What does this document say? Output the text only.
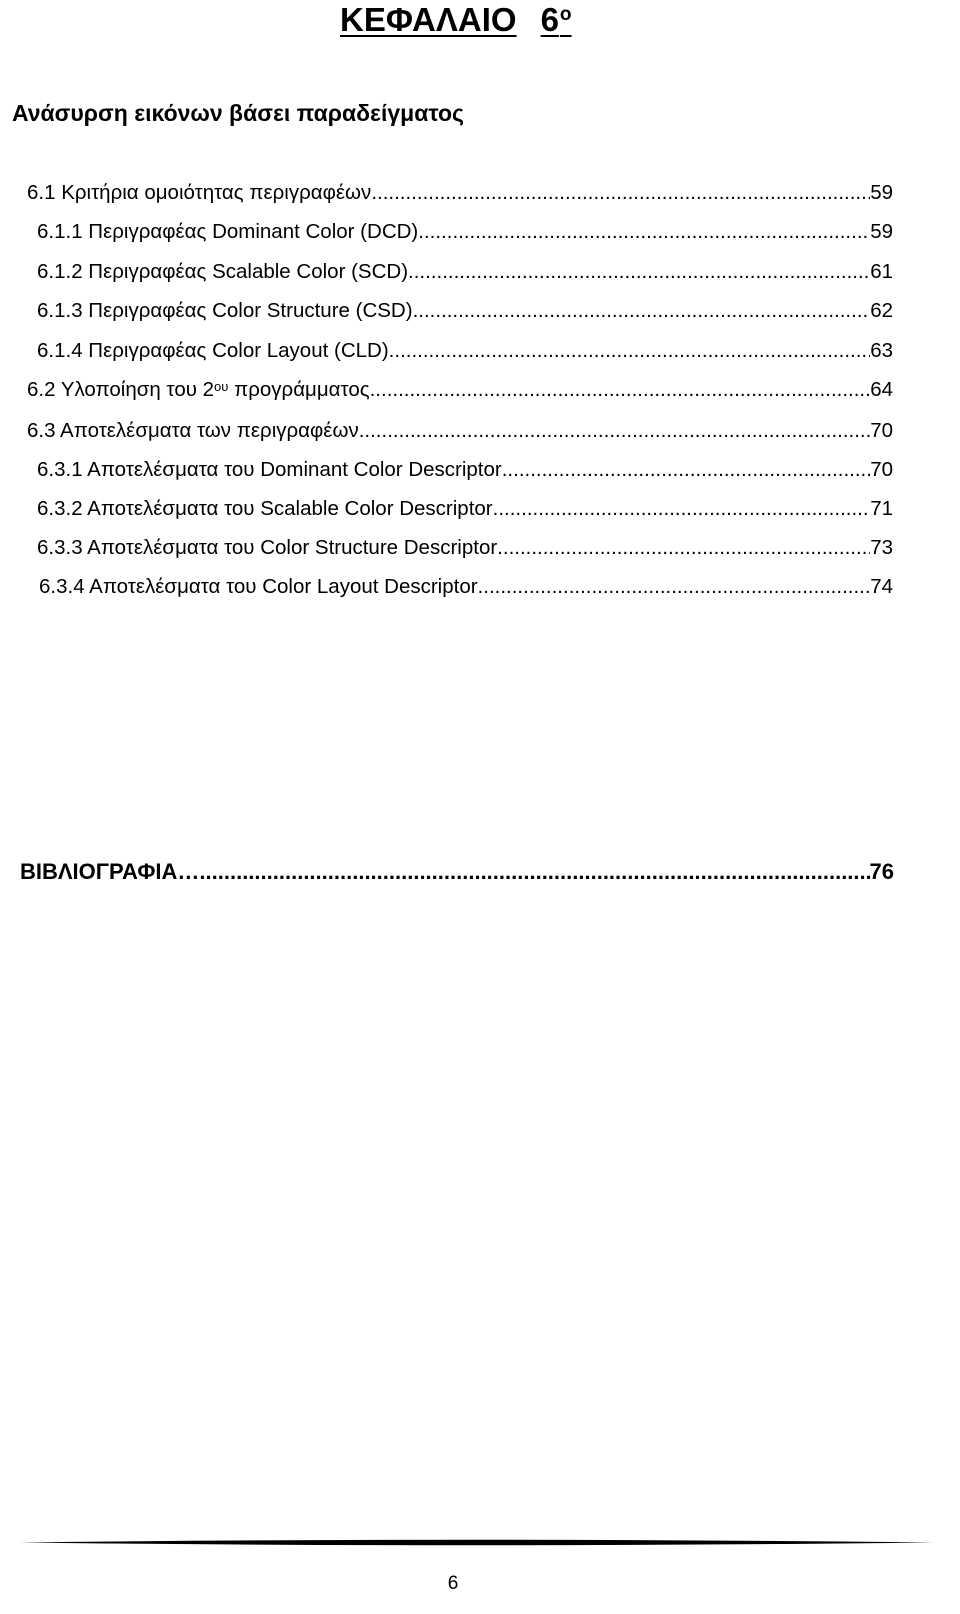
ΚΕΦΑΛΑΙΟ $6^o$
Ανάσυρση εικόνων βάσει παραδείγματος
6.1 Κριτήρια ομοιότητας περιγραφέων .....	59
6.1.1 Περιγραφέας Dominant Color (DCD) .....	59
6.1.2 Περιγραφέας Scalable Color (SCD) .....	61
6.1.3 Περιγραφέας Color Structure (CSD) .....	62
6.1.4 Περιγραφέας Color Layout (CLD) .....	63
6.2 Υλοποίηση του $2^{o\upsilon}$ προγράμματος .....	64
6.3 Αποτελέσματα των περιγραφέων .....	70
6.3.1 Αποτελέσματα του Dominant Color Descriptor .....	70
6.3.2 Αποτελέσματα του Scalable Color Descriptor .....	71
6.3.3 Αποτελέσματα του Color Structure Descriptor .....	73
6.3.4 Αποτελέσματα του Color Layout Descriptor .....	74
ΒΙΒΛΙΟΓΡΑΦΙΑ …..............................................................................................................................................................................................................................	76
6
